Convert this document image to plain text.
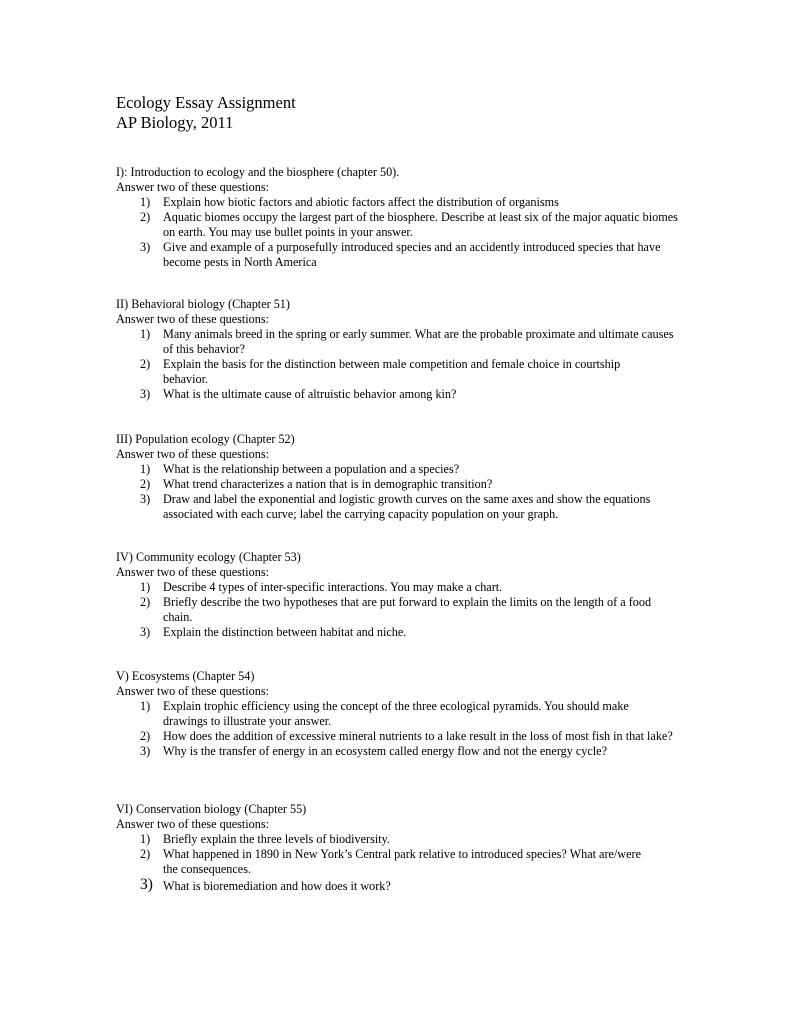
Ecology Essay Assignment
AP Biology, 2011
I): Introduction to ecology and the biosphere (chapter 50).
Answer two of these questions:
1) Explain how biotic factors and abiotic factors affect the distribution of organisms
2) Aquatic biomes occupy the largest part of the biosphere. Describe at least six of the major aquatic biomes on earth. You may use bullet points in your answer.
3) Give and example of a purposefully introduced species and an accidently introduced species that have become pests in North America
II) Behavioral biology (Chapter 51)
Answer two of these questions:
1) Many animals breed in the spring or early summer. What are the probable proximate and ultimate causes of this behavior?
2) Explain the basis for the distinction between male competition and female choice in courtship behavior.
3) What is the ultimate cause of altruistic behavior among kin?
III) Population ecology (Chapter 52)
Answer two of these questions:
1) What is the relationship between a population and a species?
2) What trend characterizes a nation that is in demographic transition?
3) Draw and label the exponential and logistic growth curves on the same axes and show the equations associated with each curve; label the carrying capacity population on your graph.
IV) Community ecology (Chapter 53)
Answer two of these questions:
1) Describe 4 types of inter-specific interactions. You may make a chart.
2) Briefly describe the two hypotheses that are put forward to explain the limits on the length of a food chain.
3) Explain the distinction between habitat and niche.
V) Ecosystems (Chapter 54)
Answer two of these questions:
1) Explain trophic efficiency using the concept of the three ecological pyramids. You should make drawings to illustrate your answer.
2) How does the addition of excessive mineral nutrients to a lake result in the loss of most fish in that lake?
3) Why is the transfer of energy in an ecosystem called energy flow and not the energy cycle?
VI) Conservation biology (Chapter 55)
Answer two of these questions:
1) Briefly explain the three levels of biodiversity.
2) What happened in 1890 in New York’s Central park relative to introduced species? What are/were the consequences.
3) What is bioremediation and how does it work?
